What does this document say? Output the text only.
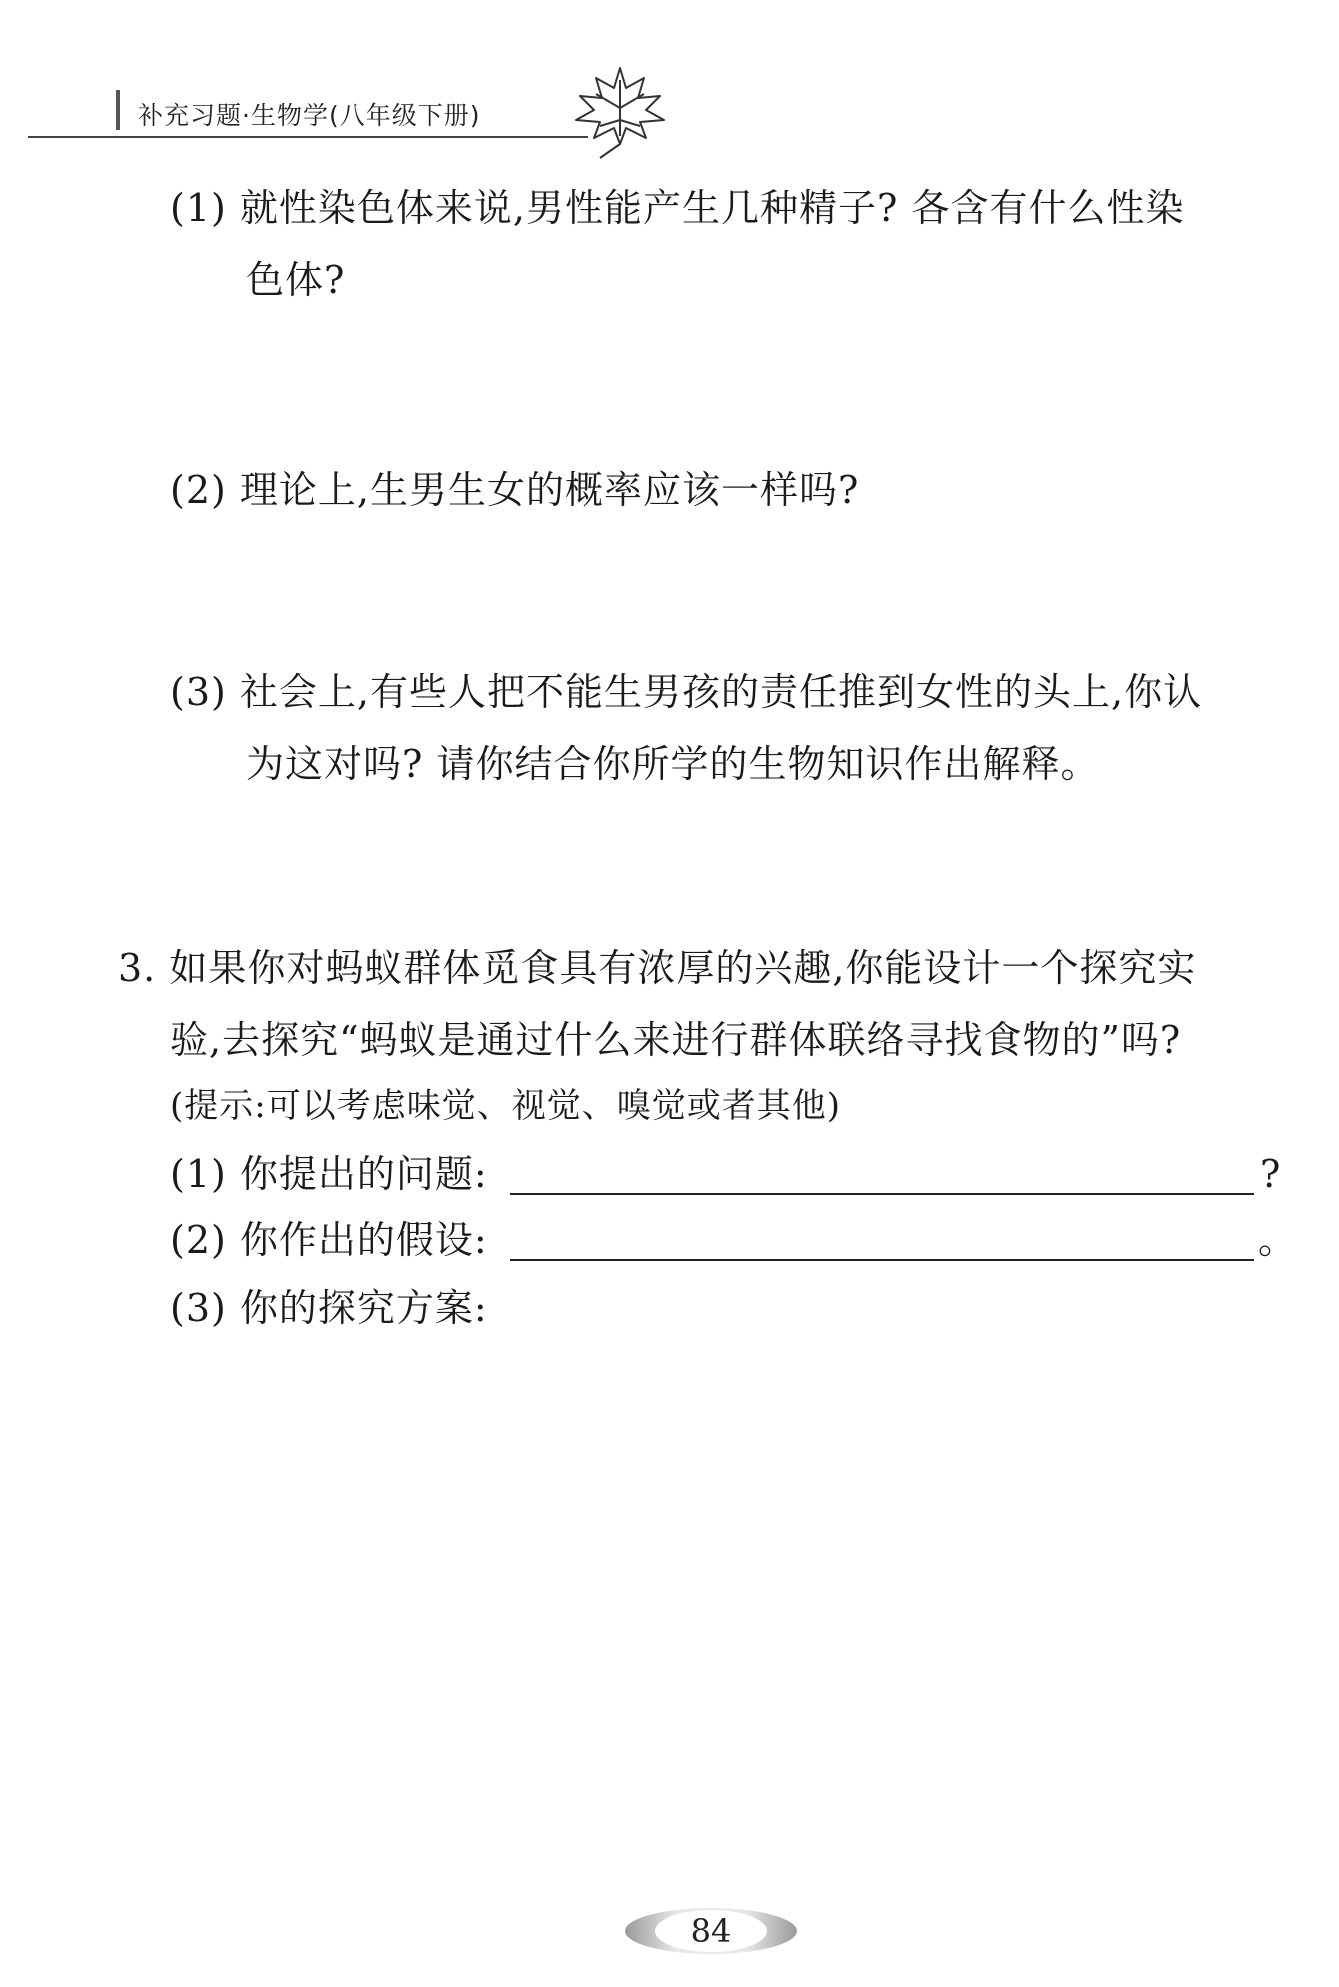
补充习题·生物学(八年级下册)
(1) 就性染色体来说,男性能产生几种精子? 各含有什么性染
色体?
(2) 理论上,生男生女的概率应该一样吗?
(3) 社会上,有些人把不能生男孩的责任推到女性的头上,你认
为这对吗? 请你结合你所学的生物知识作出解释。
3. 如果你对蚂蚁群体觅食具有浓厚的兴趣,你能设计一个探究实
验,去探究“蚂蚁是通过什么来进行群体联络寻找食物的”吗?
(提示:可以考虑味觉、视觉、嗅觉或者其他)
(1) 你提出的问题:	?
(2) 你作出的假设:	。
(3) 你的探究方案:
84
